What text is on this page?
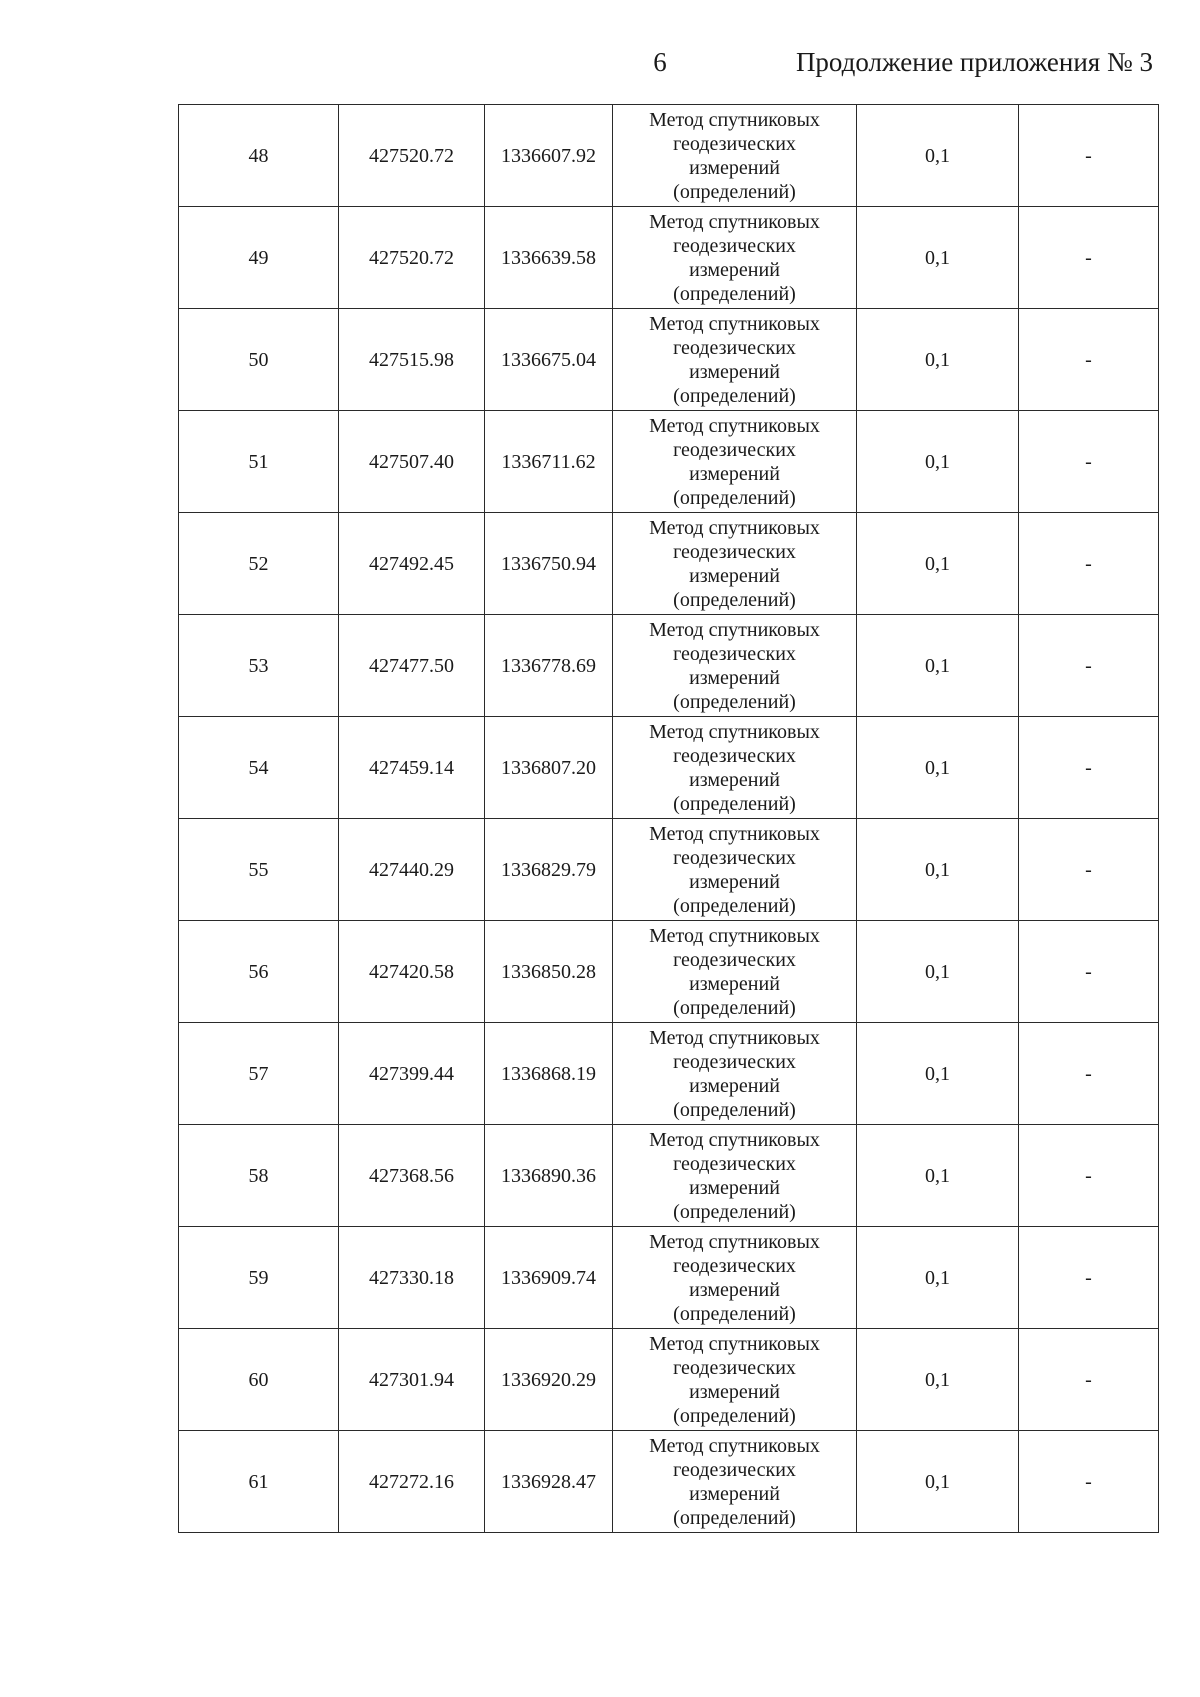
6	Продолжение приложения № 3
48	427520.72	1336607.92	Метод спутниковых
геодезических
измерений
(определений)	0,1	-
49	427520.72	1336639.58	Метод спутниковых
геодезических
измерений
(определений)	0,1	-
50	427515.98	1336675.04	Метод спутниковых
геодезических
измерений
(определений)	0,1	-
51	427507.40	1336711.62	Метод спутниковых
геодезических
измерений
(определений)	0,1	-
52	427492.45	1336750.94	Метод спутниковых
геодезических
измерений
(определений)	0,1	-
53	427477.50	1336778.69	Метод спутниковых
геодезических
измерений
(определений)	0,1	-
54	427459.14	1336807.20	Метод спутниковых
геодезических
измерений
(определений)	0,1	-
55	427440.29	1336829.79	Метод спутниковых
геодезических
измерений
(определений)	0,1	-
56	427420.58	1336850.28	Метод спутниковых
геодезических
измерений
(определений)	0,1	-
57	427399.44	1336868.19	Метод спутниковых
геодезических
измерений
(определений)	0,1	-
58	427368.56	1336890.36	Метод спутниковых
геодезических
измерений
(определений)	0,1	-
59	427330.18	1336909.74	Метод спутниковых
геодезических
измерений
(определений)	0,1	-
60	427301.94	1336920.29	Метод спутниковых
геодезических
измерений
(определений)	0,1	-
61	427272.16	1336928.47	Метод спутниковых
геодезических
измерений
(определений)	0,1	-
